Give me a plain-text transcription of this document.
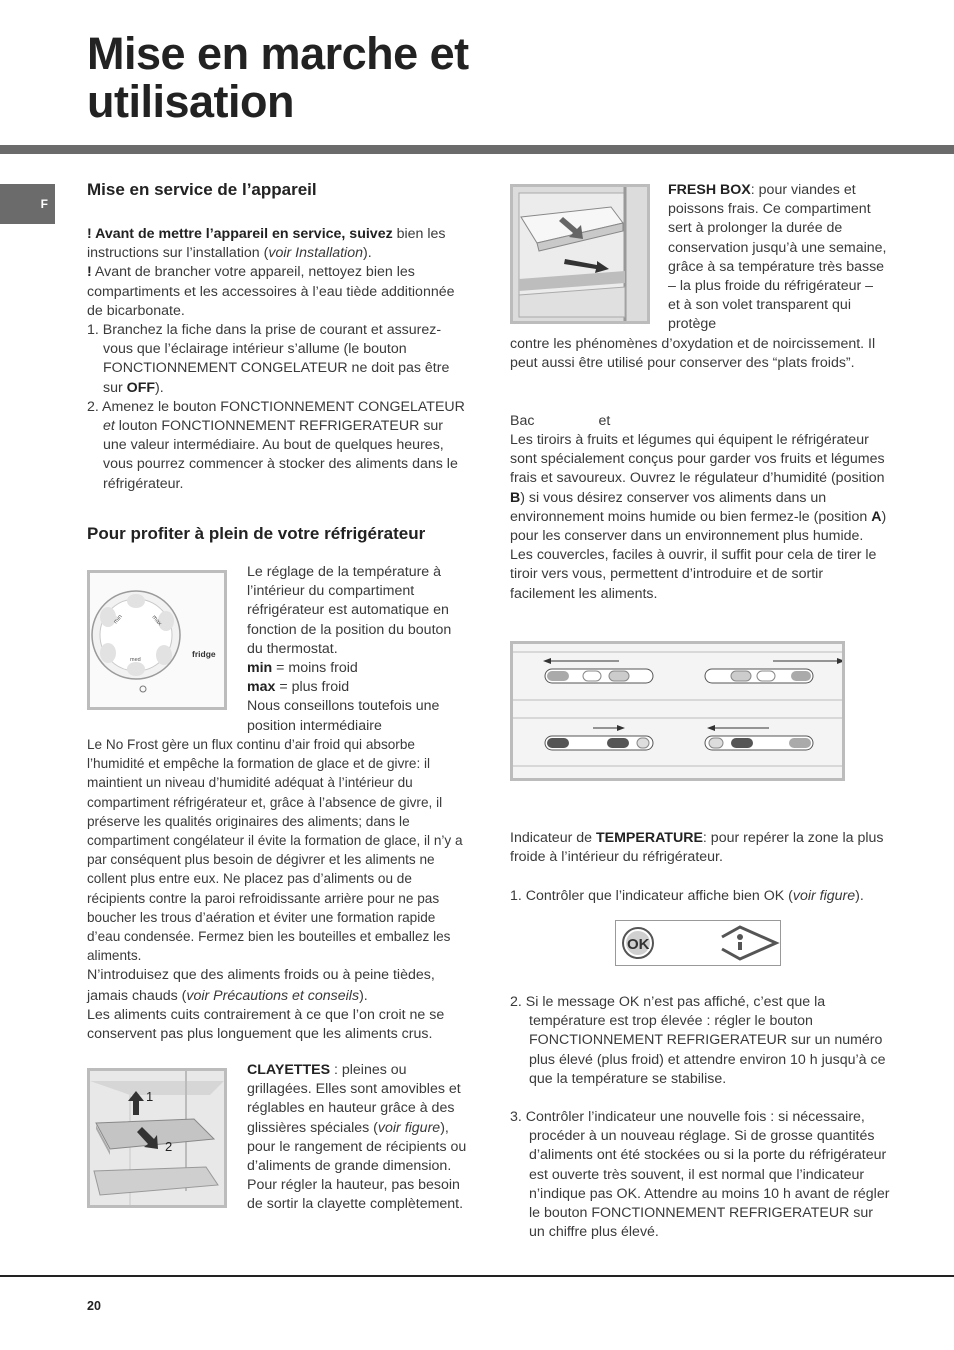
Mise en marche et utilisation
F
Mise en service de l’appareil

! Avant de mettre l’appareil en service, suivez bien les instructions sur l’installation (voir Installation).

! Avant de brancher votre appareil, nettoyez bien les compartiments et les accessoires à l’eau tiède additionnée de bicarbonate.

1. Branchez la fiche dans la prise de courant et assurez-vous que l’éclairage intérieur s’allume (le bouton FONCTIONNEMENT CONGELATEUR ne doit pas être sur OFF).

2. Amenez le bouton FONCTIONNEMENT CONGELATEUR et louton FONCTIONNEMENT REFRIGERATEUR sur une valeur intermédiaire. Au bout de quelques heures, vous pourrez commencer à stocker des aliments dans le réfrigérateur.

Pour profiter à plein de votre réfrigérateur
min	max
med
fridge
Le réglage de la température à l’intérieur du compartiment réfrigérateur est automatique en fonction de la position du bouton du thermostat.
min = moins froid
max = plus froid
Nous conseillons toutefois une position intermédiaire
Le No Frost gère un flux continu d’air froid qui absorbe l’humidité et empêche la formation de glace et de givre: il maintient un niveau d’humidité adéquat à l’intérieur du compartiment réfrigérateur et, grâce à l’absence de givre, il préserve les qualités originaires des aliments; dans le compartiment congélateur il évite la formation de glace, il n’y a par conséquent plus besoin de dégivrer et les aliments ne collent plus entre eux. Ne placez pas d’aliments ou de récipients contre la paroi refroidissante arrière pour ne pas boucher les trous d’aération et éviter une formation rapide d’eau condensée. Fermez bien les bouteilles et emballez les aliments.
N’introduisez que des aliments froids ou à peine tièdes, jamais chauds (voir Précautions et conseils).
Les aliments cuits contrairement à ce que l’on croit ne se conservent pas plus longuement que les aliments crus.
1
2
CLAYETTES : pleines ou grillagées. Elles sont amovibles et réglables en hauteur grâce à des glissières spéciales (voir figure), pour le rangement de récipients ou d’aliments de grande dimension. Pour régler la hauteur, pas besoin de sortir la clayette complètement.
FRESH BOX: pour viandes et poissons frais. Ce compartiment sert à prolonger la durée de conservation jusqu’à une semaine, grâce à sa température très basse – la plus froide du réfrigérateur – et à son volet transparent qui protège
contre les phénomènes d’oxydation et de noircissement. Il peut aussi être utilisé pour conserver des “plats froids”.
Bac	et
Les tiroirs à fruits et légumes qui équipent le réfrigérateur sont spécialement conçus pour garder vos fruits et légumes frais et savoureux. Ouvrez le régulateur d’humidité (position B) si vous désirez conserver vos aliments dans un environnement moins humide ou bien fermez-le (position A) pour les conserver dans un environnement plus humide. Les couvercles, faciles à ouvrir, il suffit pour cela de tirer le tiroir vers vous, permettent d’introduire et de sortir facilement les aliments.
Indicateur de TEMPERATURE: pour repérer la zone la plus froide à l’intérieur du réfrigérateur.
1. Contrôler que l’indicateur affiche bien OK (voir figure).
OK

2. Si le message OK n’est pas affiché, c’est que la température est trop élevée : régler le bouton FONCTIONNEMENT REFRIGERATEUR sur un numéro plus élevé (plus froid) et attendre environ 10 h jusqu’à ce que la température se stabilise.

3. Contrôler l’indicateur une nouvelle fois : si nécessaire, procéder à un nouveau réglage. Si de grosse quantités d’aliments ont été stockées ou si la porte du réfrigérateur est ouverte très souvent, il est normal que l’indicateur n’indique pas OK. Attendre au moins 10 h avant de régler le bouton FONCTIONNEMENT REFRIGERATEUR sur un chiffre plus élevé.

20
